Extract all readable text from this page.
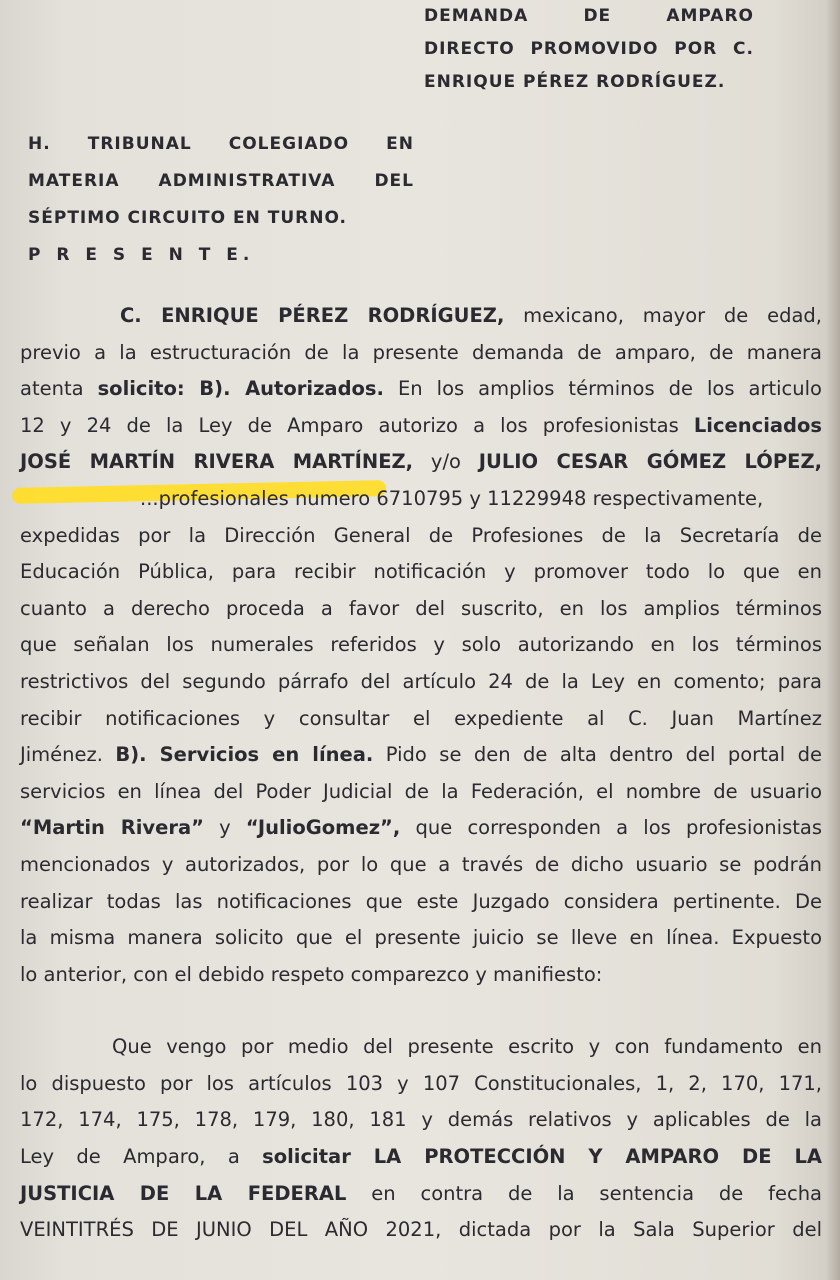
DEMANDA DE AMPARO
DIRECTO PROMOVIDO POR C.
ENRIQUE PÉREZ RODRÍGUEZ.
H. TRIBUNAL COLEGIADO EN
MATERIA ADMINISTRATIVA DEL
SÉPTIMO CIRCUITO EN TURNO.
P R E S E N T E.
C. ENRIQUE PÉREZ RODRÍGUEZ, mexicano, mayor de edad,
previo a la estructuración de la presente demanda de amparo, de manera
atenta solicito: B). Autorizados. En los amplios términos de los articulo
12 y 24 de la Ley de Amparo autorizo a los profesionistas Licenciados
JOSÉ MARTÍN RIVERA MARTÍNEZ, y/o JULIO CESAR GÓMEZ LÓPEZ,
...profesionales numero 6710795 y 11229948 respectivamente,
expedidas por la Dirección General de Profesiones de la Secretaría de
Educación Pública, para recibir notificación y promover todo lo que en
cuanto a derecho proceda a favor del suscrito, en los amplios términos
que señalan los numerales referidos y solo autorizando en los términos
restrictivos del segundo párrafo del artículo 24 de la Ley en comento; para
recibir notificaciones y consultar el expediente al C. Juan Martínez
Jiménez. B). Servicios en línea. Pido se den de alta dentro del portal de
servicios en línea del Poder Judicial de la Federación, el nombre de usuario
“Martin Rivera” y “JulioGomez”, que corresponden a los profesionistas
mencionados y autorizados, por lo que a través de dicho usuario se podrán
realizar todas las notificaciones que este Juzgado considera pertinente. De
la misma manera solicito que el presente juicio se lleve en línea. Expuesto
lo anterior, con el debido respeto comparezco y manifiesto:
Que vengo por medio del presente escrito y con fundamento en
lo dispuesto por los artículos 103 y 107 Constitucionales, 1, 2, 170, 171,
172, 174, 175, 178, 179, 180, 181 y demás relativos y aplicables de la
Ley de Amparo, a solicitar LA PROTECCIÓN Y AMPARO DE LA
JUSTICIA DE LA FEDERAL en contra de la sentencia de fecha
VEINTITRÉS DE JUNIO DEL AÑO 2021, dictada por la Sala Superior del
